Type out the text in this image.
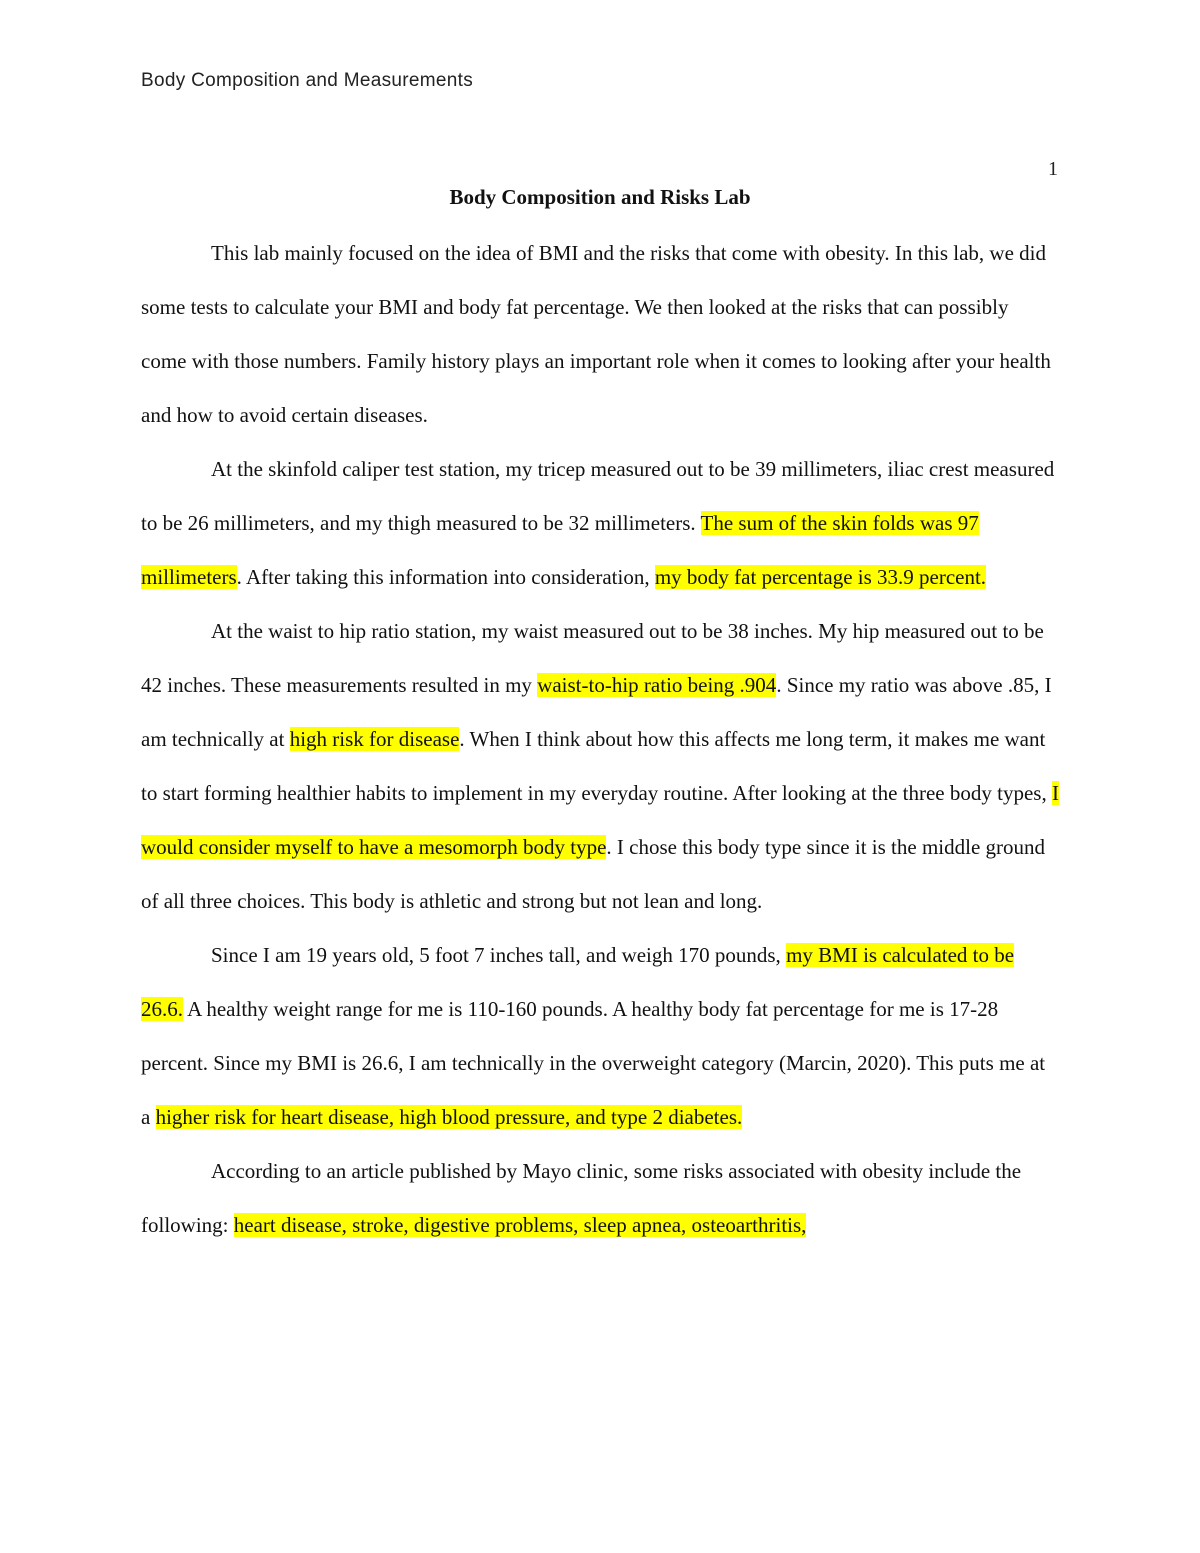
Body Composition and Measurements
1
Body Composition and Risks Lab

This lab mainly focused on the idea of BMI and the risks that come with obesity. In this lab, we did some tests to calculate your BMI and body fat percentage. We then looked at the risks that can possibly come with those numbers. Family history plays an important role when it comes to looking after your health and how to avoid certain diseases.

At the skinfold caliper test station, my tricep measured out to be 39 millimeters, iliac crest measured to be 26 millimeters, and my thigh measured to be 32 millimeters. The sum of the skin folds was 97 millimeters. After taking this information into consideration, my body fat percentage is 33.9 percent.

At the waist to hip ratio station, my waist measured out to be 38 inches. My hip measured out to be 42 inches. These measurements resulted in my waist-to-hip ratio being .904. Since my ratio was above .85, I am technically at high risk for disease. When I think about how this affects me long term, it makes me want to start forming healthier habits to implement in my everyday routine. After looking at the three body types, I would consider myself to have a mesomorph body type. I chose this body type since it is the middle ground of all three choices. This body is athletic and strong but not lean and long.

Since I am 19 years old, 5 foot 7 inches tall, and weigh 170 pounds, my BMI is calculated to be 26.6. A healthy weight range for me is 110-160 pounds. A healthy body fat percentage for me is 17-28 percent. Since my BMI is 26.6, I am technically in the overweight category (Marcin, 2020). This puts me at a higher risk for heart disease, high blood pressure, and type 2 diabetes.

According to an article published by Mayo clinic, some risks associated with obesity include the following: heart disease, stroke, digestive problems, sleep apnea, osteoarthritis,
